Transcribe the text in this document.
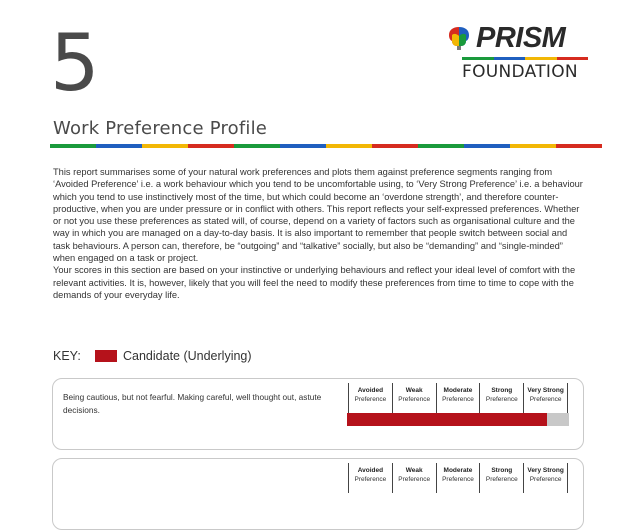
5
Work Preference Profile
PRISM
FOUNDATION

This report summarises some of your natural work preferences and plots them against preference segments ranging from ‘Avoided Preference’ i.e. a work behaviour which you tend to be uncomfortable using, to ‘Very Strong Preference’ i.e. a behaviour which you tend to use instinctively most of the time, but which could become an ‘overdone strength’, and therefore counter-productive, when you are under pressure or in conflict with others. This report reflects your self-expressed preferences. Whether or not you use these preferences as stated will, of course, depend on a variety of factors such as organisational culture and the way in which you are managed on a day-to-day basis. It is also important to remember that people switch between social and task behaviours. A person can, therefore, be “outgoing” and “talkative” socially, but also be “demanding” and “single-minded” when engaged on a task or project.

Your scores in this section are based on your instinctive or underlying behaviours and reflect your ideal level of comfort with the relevant activities. It is, however, likely that you will feel the need to modify these preferences from time to time to cope with the demands of your everyday life.

KEY:	Candidate (Underlying)
Being cautious, but not fearful. Making careful, well thought out, astute decisions.
Avoided
Preference
Weak
Preference
Moderate
Preference
Strong
Preference
Very Strong
Preference
Avoided
Preference
Weak
Preference
Moderate
Preference
Strong
Preference
Very Strong
Preference
